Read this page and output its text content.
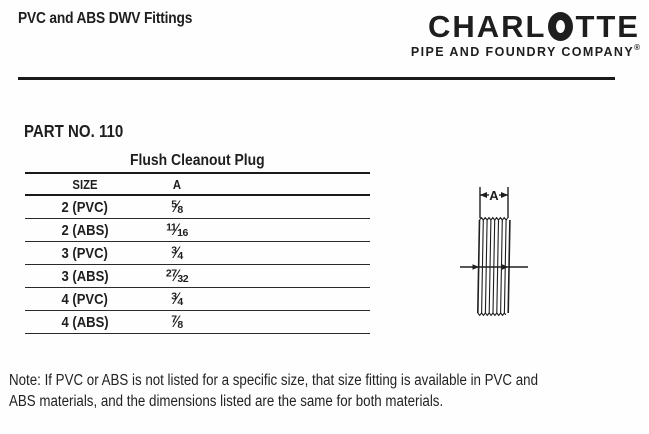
PVC and ABS DWV Fittings	CHARL TTE
PIPE AND FOUNDRY COMPANY®
PART NO. 110
Flush Cleanout Plug
SIZE	A
2 (PVC)	$^5$⁄8
2 (ABS)	$^{11}$⁄16
3 (PVC)	$^3$⁄4
3 (ABS)	$^{27}$⁄32
4 (PVC)	$^3$⁄4
4 (ABS)	$^7$⁄8
A
Note: If PVC or ABS is not listed for a specific size, that size fitting is available in PVC and
ABS materials, and the dimensions listed are the same for both materials.
